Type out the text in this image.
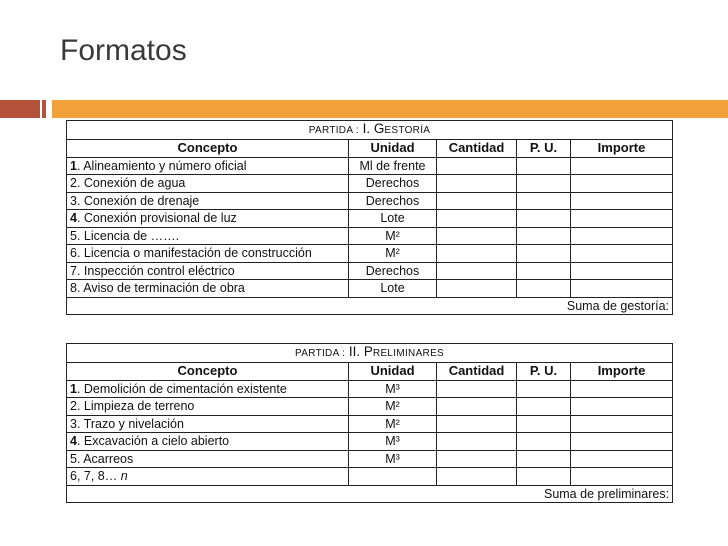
Formatos
PARTIDA : I. GESTORÍA				
Concepto	Unidad	Cantidad	P. U.	Importe
1. Alineamiento y número oficial	Ml de frente			
2. Conexión de agua	Derechos			
3. Conexión de drenaje	Derechos			
4. Conexión provisional de luz	Lote			
5. Licencia de …….	M²			
6. Licencia o manifestación de construcción	M²			
7. Inspección control eléctrico	Derechos			
8. Aviso de terminación de obra	Lote			
Suma de gestoría:				
PARTIDA : II. PRELIMINARES				
Concepto	Unidad	Cantidad	P. U.	Importe
1. Demolición de cimentación existente	M³			
2. Limpieza de terreno	M²			
3. Trazo y nivelación	M²			
4. Excavación a cielo abierto	M³			
5. Acarreos	M³			
6, 7, 8… n				
Suma de preliminares:				
